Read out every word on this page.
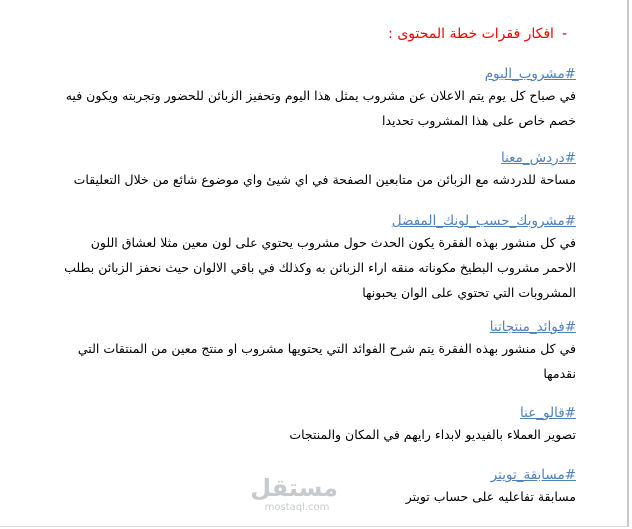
-
افكار فقرات خطة المحتوى :
#مشروب_اليوم
في صباح كل يوم يتم الاعلان عن مشروب يمثل هذا اليوم وتحفيز الزبائن للحضور وتجربته ويكون فيه خصم خاص على هذا المشروب تحديدا
#دردش_معنا
مساحة للدردشه مع الزبائن من متابعين الصفحة في اي شيئ واي موضوع شائع من خلال التعليقات
#مشروبك_حسب_لونك_المفضل
في كل منشور بهذه الفقرة يكون الحدث حول مشروب يحتوي على لون معين مثلا لعشاق اللون الاحمر مشروب البطيخ مكوناته منقه اراء الزبائن به وكذلك في باقي الالوان حيث نحفز الزبائن بطلب المشروبات التي تحتوي على الوان يحبونها
#فوائد_منتجاتنا
في كل منشور بهذه الفقرة يتم شرح الفوائد التي يحتويها مشروب او منتج معين من المنتقات التي نقدمها
#قالو_عنا
تصوير العملاء بالفيديو لابداء رايهم في المكان والمنتجات
#مسابقة_تويتر
مسابقة تفاعليه على حساب تويتر
مستقل
mostaql.com
